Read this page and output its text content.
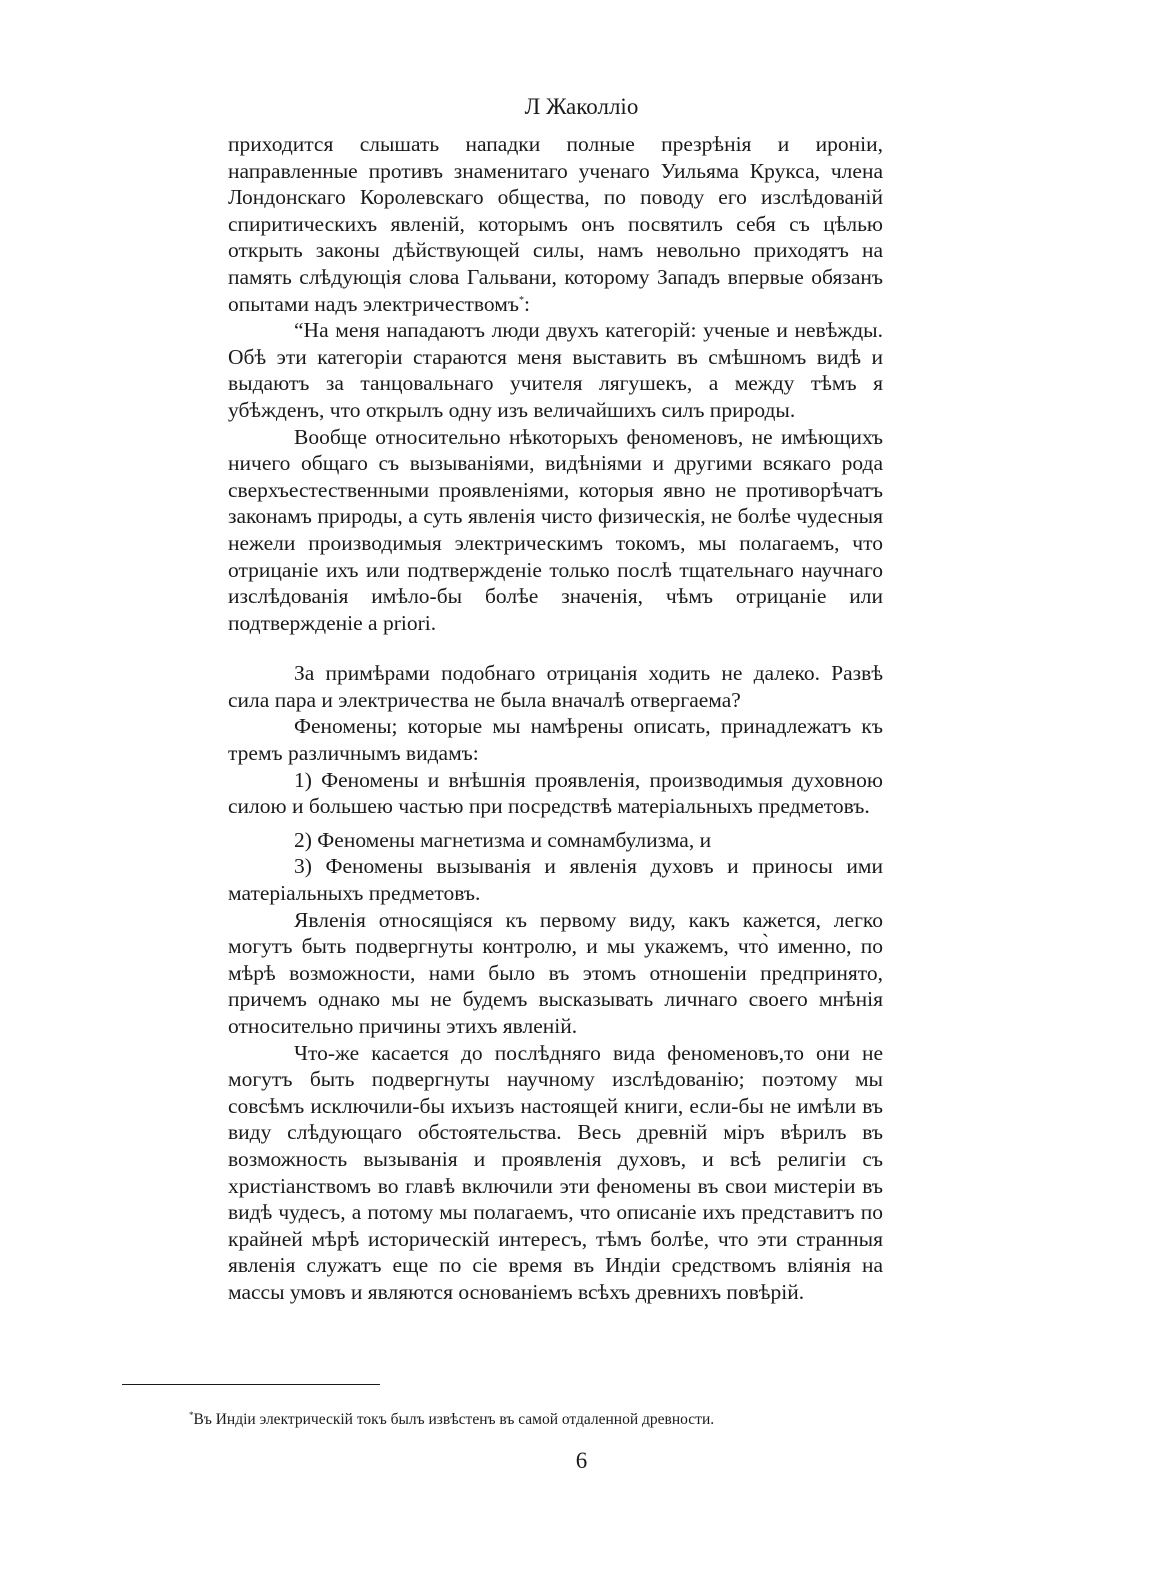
Л Жаколліо

приходится слышать нападки полные презрѣнія и ироніи, направленные противъ знаменитаго ученаго Уильяма Крукса, члена Лондонскаго Королевскаго общества, по поводу его изслѣдованій спиритическихъ явленій, которымъ онъ посвятилъ себя съ цѣлью открыть законы дѣйствующей силы, намъ невольно приходятъ на память слѣдующія слова Гальвани, которому Западъ впервые обязанъ опытами надъ электричествомъ*:

“На меня нападаютъ люди двухъ категорій: ученые и невѣжды. Обѣ эти категоріи стараются меня выставить въ смѣшномъ видѣ и выдаютъ за танцовальнаго учителя лягушекъ, а между тѣмъ я убѣжденъ, что открылъ одну изъ величайшихъ силъ природы.

Вообще относительно нѣкоторыхъ феноменовъ, не имѣющихъ ничего общаго съ вызываніями, видѣніями и другими всякаго рода сверхъестественными проявленіями, которыя явно не противорѣчатъ законамъ природы, а суть явленія чисто физическія, не болѣе чудесныя нежели производимыя электрическимъ токомъ, мы полагаемъ, что отрицаніе ихъ или подтвержденіе только послѣ тщательнаго научнаго изслѣдованія имѣло-бы болѣе значенія, чѣмъ отрицаніе или подтвержденіе a priori.

За примѣрами подобнаго отрицанія ходить не далеко. Развѣ сила пара и электричества не была вначалѣ отвергаема?

Феномены; которые мы намѣрены описать, принадлежатъ къ тремъ различнымъ видамъ:

1) Феномены и внѣшнія проявленія, производимыя духовною силою и большею частью при посредствѣ матеріальныхъ предметовъ.

2) Феномены магнетизма и сомнамбулизма, и

3) Феномены вызыванія и явленія духовъ и приносы ими матеріальныхъ предметовъ.

Явленія относящіяся къ первому виду, какъ кажется, легко могутъ быть подвергнуты контролю, и мы укажемъ, что̀ именно, по мѣрѣ возможности, нами было въ этомъ отношеніи предпринято, причемъ однако мы не будемъ высказывать личнаго своего мнѣнія относительно причины этихъ явленій.

Что-же касается до послѣдняго вида феноменовъ,то они не могутъ быть подвергнуты научному изслѣдованію; поэтому мы совсѣмъ исключили-бы ихъизъ настоящей книги, если-бы не имѣли въ виду слѣдующаго обстоятельства. Весь древній міръ вѣрилъ въ возможность вызыванія и проявленія духовъ, и всѣ религіи съ христіанствомъ во главѣ включили эти феномены въ свои мистеріи въ видѣ чудесъ, а потому мы полагаемъ, что описаніе ихъ представитъ по крайней мѣрѣ историческій интересъ, тѣмъ болѣе, что эти странныя явленія служатъ еще по сіе время въ Индіи средствомъ вліянія на массы умовъ и являются основаніемъ всѣхъ древнихъ повѣрій.

*Въ Индіи электрическій токъ былъ извѣстенъ въ самой отдаленной древности.
6
